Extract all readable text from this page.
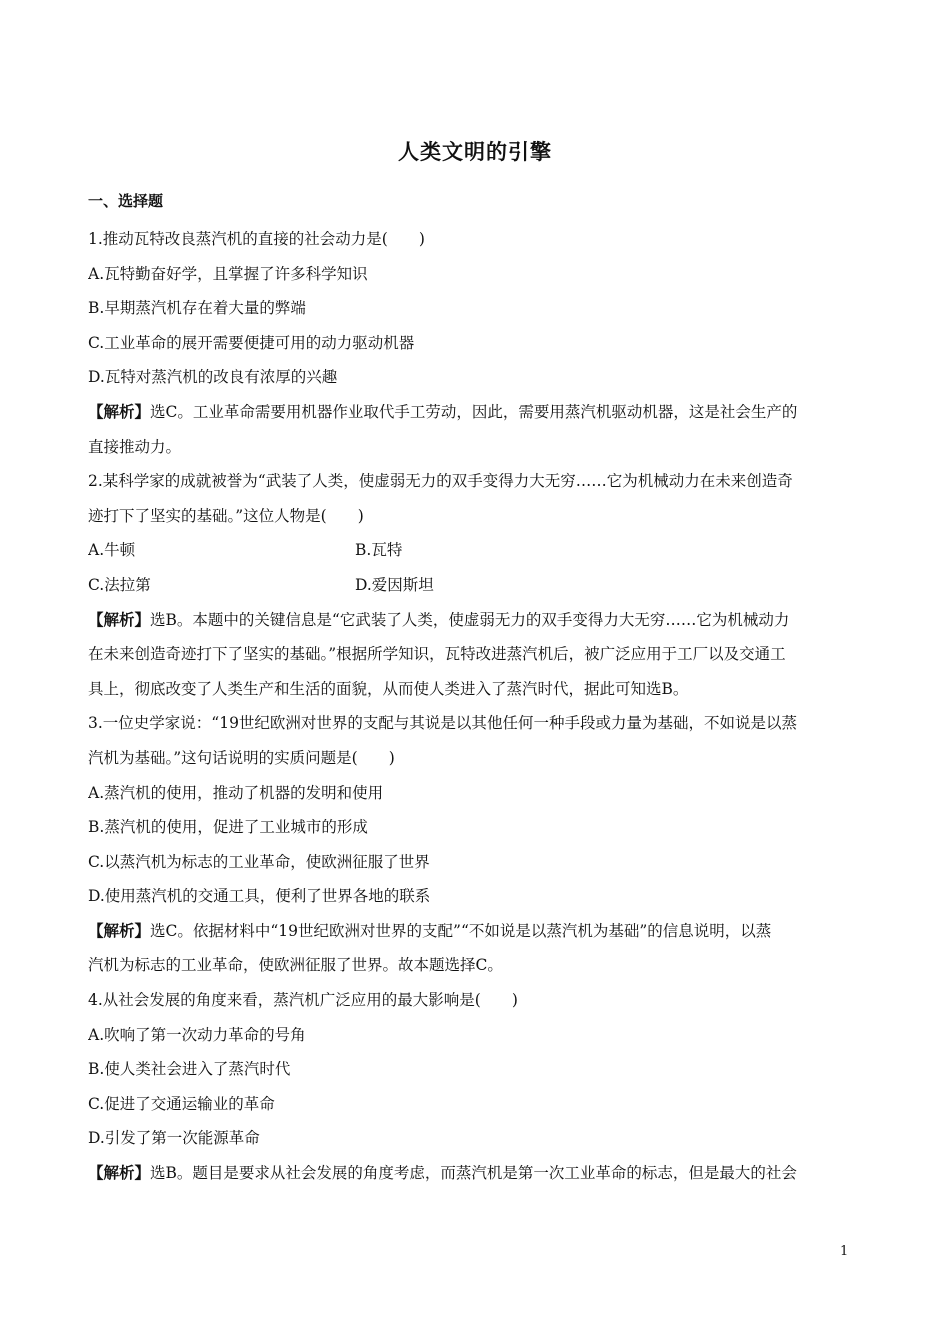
人类文明的引擎
一、选择题
1.推动瓦特改良蒸汽机的直接的社会动力是(　　)
A.瓦特勤奋好学，且掌握了许多科学知识
B.早期蒸汽机存在着大量的弊端
C.工业革命的展开需要便捷可用的动力驱动机器
D.瓦特对蒸汽机的改良有浓厚的兴趣
【解析】选C。工业革命需要用机器作业取代手工劳动，因此，需要用蒸汽机驱动机器，这是社会生产的
直接推动力。
2.某科学家的成就被誉为“武装了人类，使虚弱无力的双手变得力大无穷……它为机械动力在未来创造奇
迹打下了坚实的基础。”这位人物是(　　)
A.牛顿	B.瓦特
C.法拉第	D.爱因斯坦
【解析】选B。本题中的关键信息是“它武装了人类，使虚弱无力的双手变得力大无穷……它为机械动力
在未来创造奇迹打下了坚实的基础。”根据所学知识，瓦特改进蒸汽机后，被广泛应用于工厂以及交通工
具上，彻底改变了人类生产和生活的面貌，从而使人类进入了蒸汽时代，据此可知选B。
3.一位史学家说：“19世纪欧洲对世界的支配与其说是以其他任何一种手段或力量为基础，不如说是以蒸
汽机为基础。”这句话说明的实质问题是(　　)
A.蒸汽机的使用，推动了机器的发明和使用
B.蒸汽机的使用，促进了工业城市的形成
C.以蒸汽机为标志的工业革命，使欧洲征服了世界
D.使用蒸汽机的交通工具，便利了世界各地的联系
【解析】选C。依据材料中“19世纪欧洲对世界的支配”“不如说是以蒸汽机为基础”的信息说明，以蒸
汽机为标志的工业革命，使欧洲征服了世界。故本题选择C。
4.从社会发展的角度来看，蒸汽机广泛应用的最大影响是(　　)
A.吹响了第一次动力革命的号角
B.使人类社会进入了蒸汽时代
C.促进了交通运输业的革命
D.引发了第一次能源革命
【解析】选B。题目是要求从社会发展的角度考虑，而蒸汽机是第一次工业革命的标志，但是最大的社会
1
